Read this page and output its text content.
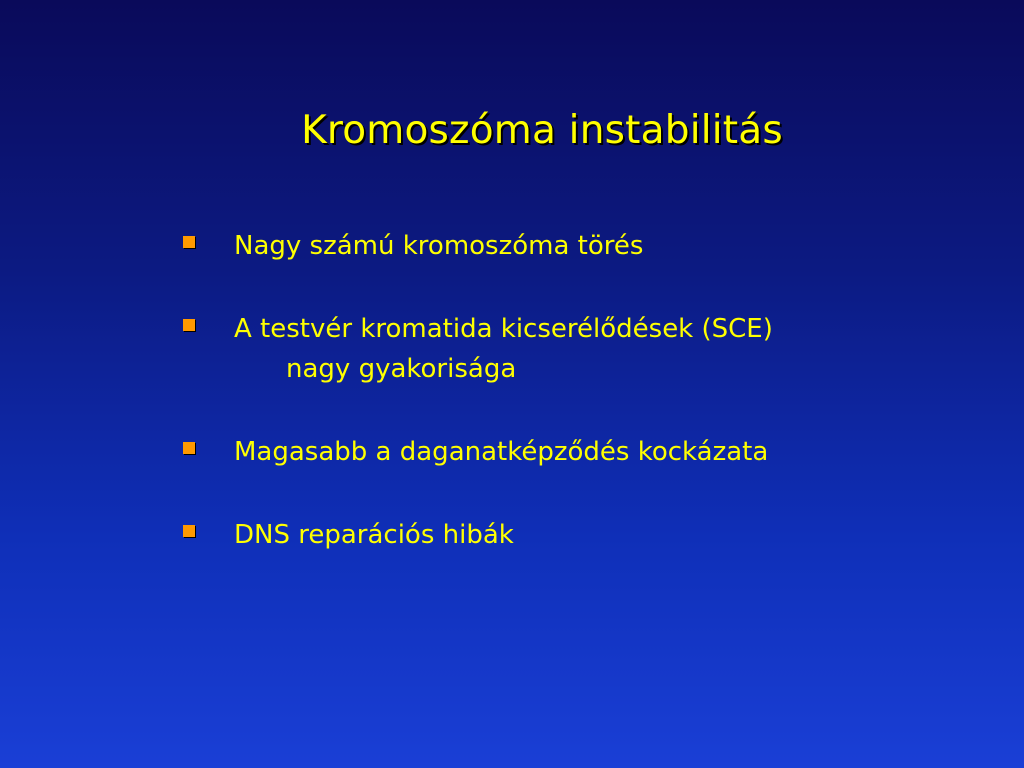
Kromoszóma instabilitás
Nagy számú kromoszóma törés
A testvér kromatida kicserélődések (SCE)
nagy gyakorisága
Magasabb a daganatképződés kockázata
DNS reparációs hibák
